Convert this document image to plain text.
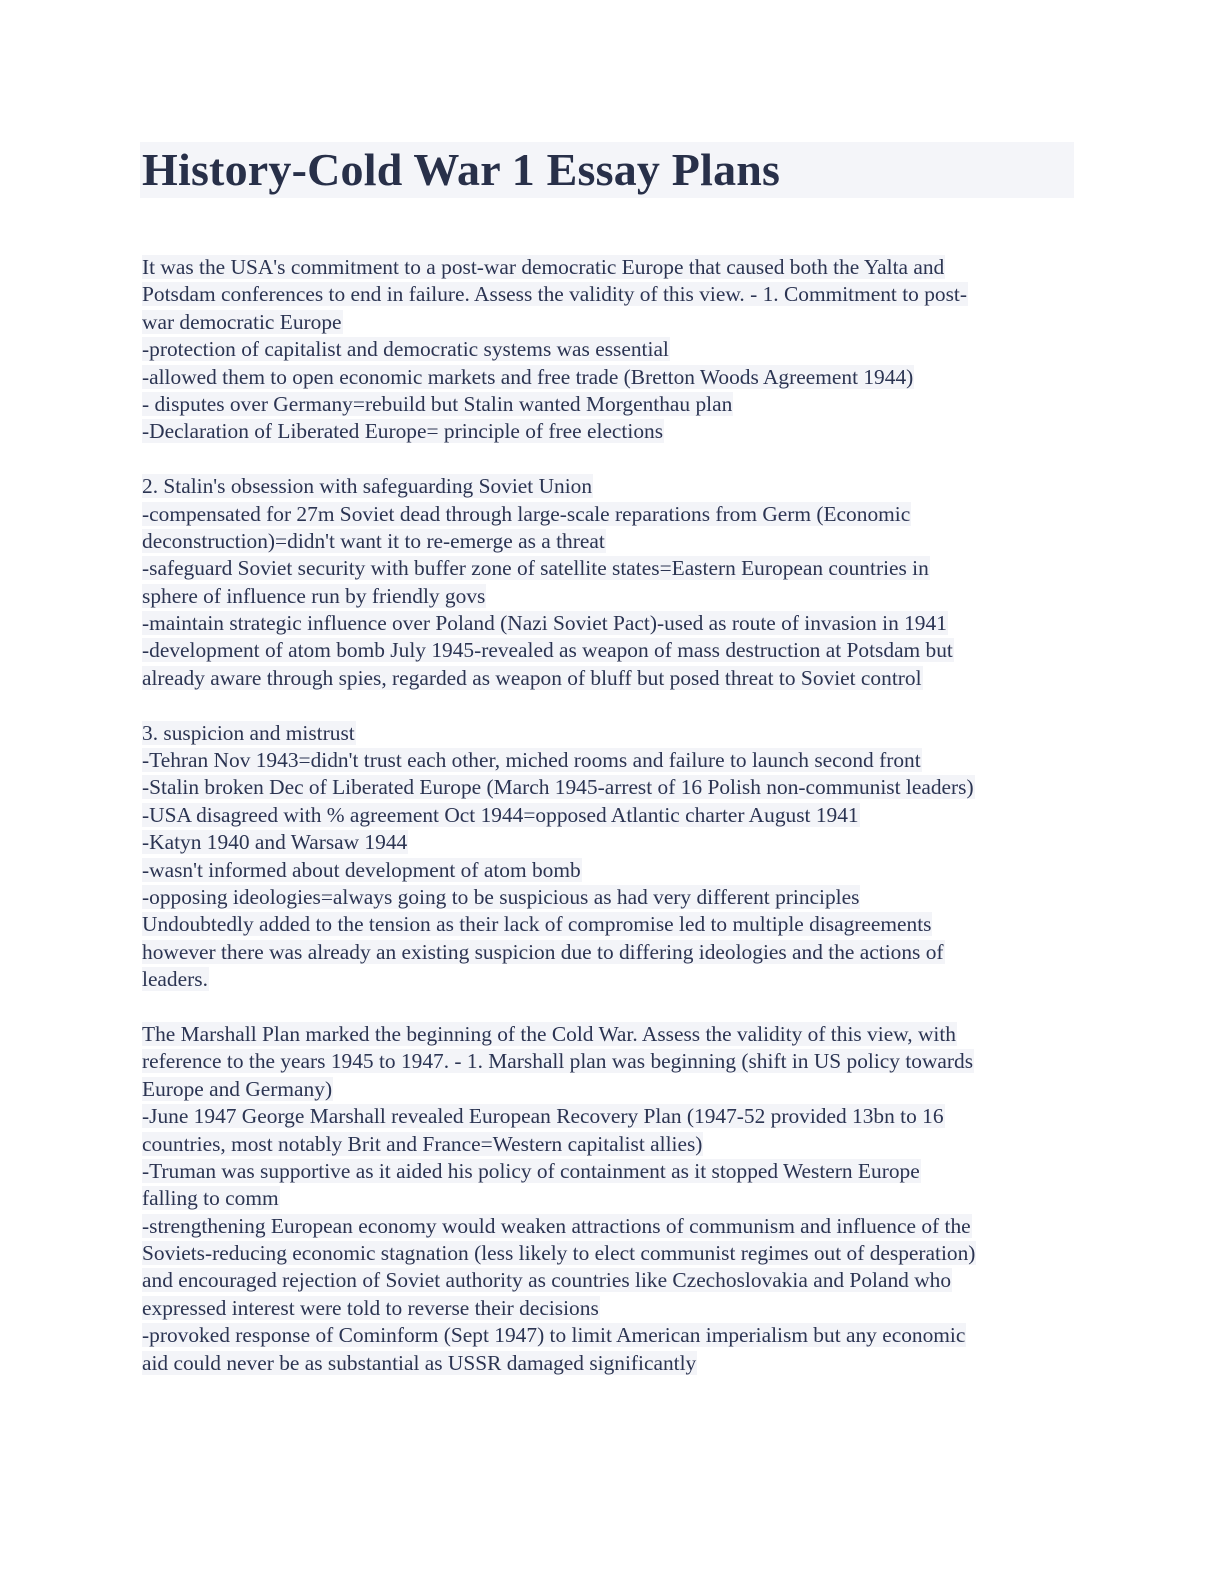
History-Cold War 1 Essay Plans
It was the USA's commitment to a post-war democratic Europe that caused both the Yalta and
Potsdam conferences to end in failure. Assess the validity of this view. - 1. Commitment to post-
war democratic Europe
-protection of capitalist and democratic systems was essential
-allowed them to open economic markets and free trade (Bretton Woods Agreement 1944)
- disputes over Germany=rebuild but Stalin wanted Morgenthau plan
-Declaration of Liberated Europe= principle of free elections
2. Stalin's obsession with safeguarding Soviet Union
-compensated for 27m Soviet dead through large-scale reparations from Germ (Economic
deconstruction)=didn't want it to re-emerge as a threat
-safeguard Soviet security with buffer zone of satellite states=Eastern European countries in
sphere of influence run by friendly govs
-maintain strategic influence over Poland (Nazi Soviet Pact)-used as route of invasion in 1941
-development of atom bomb July 1945-revealed as weapon of mass destruction at Potsdam but
already aware through spies, regarded as weapon of bluff but posed threat to Soviet control
3. suspicion and mistrust
-Tehran Nov 1943=didn't trust each other, miched rooms and failure to launch second front
-Stalin broken Dec of Liberated Europe (March 1945-arrest of 16 Polish non-communist leaders)
-USA disagreed with % agreement Oct 1944=opposed Atlantic charter August 1941
-Katyn 1940 and Warsaw 1944
-wasn't informed about development of atom bomb
-opposing ideologies=always going to be suspicious as had very different principles
Undoubtedly added to the tension as their lack of compromise led to multiple disagreements
however there was already an existing suspicion due to differing ideologies and the actions of
leaders.
The Marshall Plan marked the beginning of the Cold War. Assess the validity of this view, with
reference to the years 1945 to 1947. - 1. Marshall plan was beginning (shift in US policy towards
Europe and Germany)
-June 1947 George Marshall revealed European Recovery Plan (1947-52 provided 13bn to 16
countries, most notably Brit and France=Western capitalist allies)
-Truman was supportive as it aided his policy of containment as it stopped Western Europe
falling to comm
-strengthening European economy would weaken attractions of communism and influence of the
Soviets-reducing economic stagnation (less likely to elect communist regimes out of desperation)
and encouraged rejection of Soviet authority as countries like Czechoslovakia and Poland who
expressed interest were told to reverse their decisions
-provoked response of Cominform (Sept 1947) to limit American imperialism but any economic
aid could never be as substantial as USSR damaged significantly
